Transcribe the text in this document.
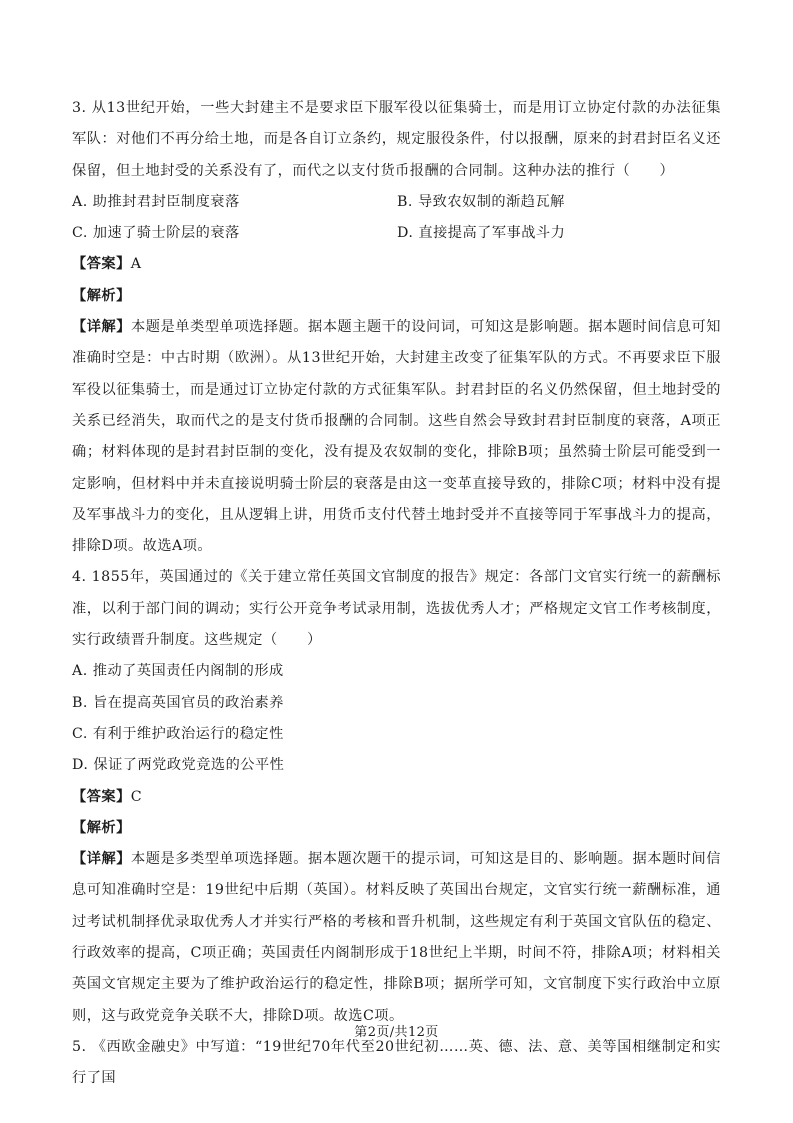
3. 从13世纪开始，一些大封建主不是要求臣下服军役以征集骑士，而是用订立协定付款的办法征集军队：对他们不再分给土地，而是各自订立条约，规定服役条件，付以报酬，原来的封君封臣名义还保留，但土地封受的关系没有了，而代之以支付货币报酬的合同制。这种办法的推行（　　）

A. 助推封君封臣制度衰落	B. 导致农奴制的渐趋瓦解
C. 加速了骑士阶层的衰落	D. 直接提高了军事战斗力

【答案】A

【解析】

【详解】本题是单类型单项选择题。据本题主题干的设问词，可知这是影响题。据本题时间信息可知准确时空是：中古时期（欧洲）。从13世纪开始，大封建主改变了征集军队的方式。不再要求臣下服军役以征集骑士，而是通过订立协定付款的方式征集军队。封君封臣的名义仍然保留，但土地封受的关系已经消失，取而代之的是支付货币报酬的合同制。这些自然会导致封君封臣制度的衰落，A项正确；材料体现的是封君封臣制的变化，没有提及农奴制的变化，排除B项；虽然骑士阶层可能受到一定影响，但材料中并未直接说明骑士阶层的衰落是由这一变革直接导致的，排除C项；材料中没有提及军事战斗力的变化，且从逻辑上讲，用货币支付代替土地封受并不直接等同于军事战斗力的提高，排除D项。故选A项。

4. 1855年，英国通过的《关于建立常任英国文官制度的报告》规定：各部门文官实行统一的薪酬标准，以利于部门间的调动；实行公开竞争考试录用制，选拔优秀人才；严格规定文官工作考核制度，实行政绩晋升制度。这些规定（　　）

A. 推动了英国责任内阁制的形成

B. 旨在提高英国官员的政治素养

C. 有利于维护政治运行的稳定性

D. 保证了两党政党竞选的公平性

【答案】C

【解析】

【详解】本题是多类型单项选择题。据本题次题干的提示词，可知这是目的、影响题。据本题时间信息可知准确时空是：19世纪中后期（英国）。材料反映了英国出台规定，文官实行统一薪酬标准，通过考试机制择优录取优秀人才并实行严格的考核和晋升机制，这些规定有利于英国文官队伍的稳定、行政效率的提高，C项正确；英国责任内阁制形成于18世纪上半期，时间不符，排除A项；材料相关英国文官规定主要为了维护政治运行的稳定性，排除B项；据所学可知，文官制度下实行政治中立原则，这与政党竞争关联不大，排除D项。故选C项。

5. 《西欧金融史》中写道：“19世纪70年代至20世纪初……英、德、法、意、美等国相继制定和实行了国

第2页/共12页
